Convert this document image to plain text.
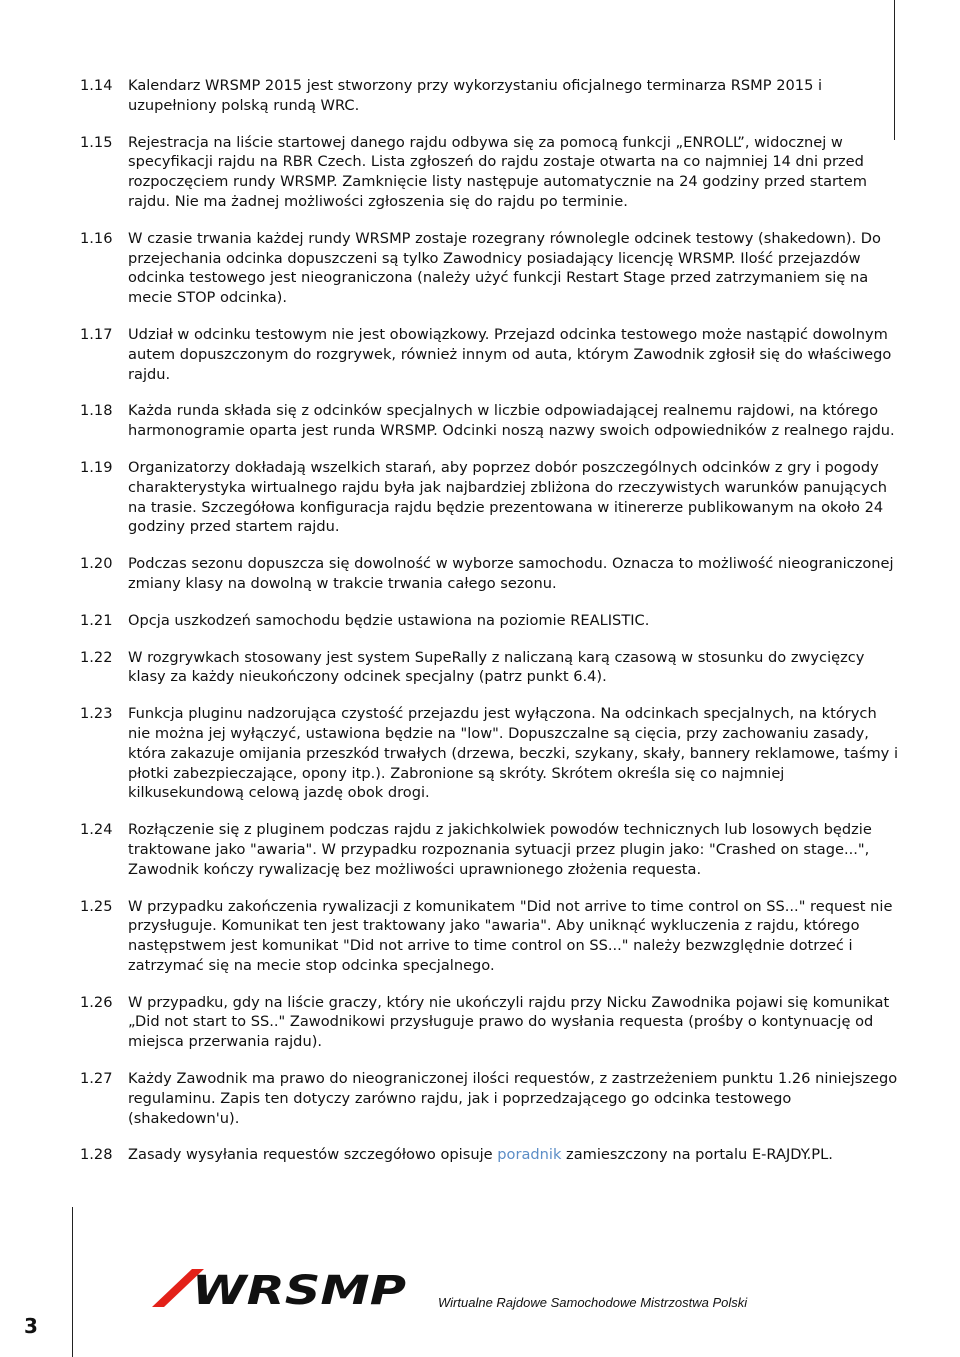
1.14	Kalendarz WRSMP 2015 jest stworzony przy wykorzystaniu oficjalnego terminarza RSMP 2015 i uzupełniony polską rundą WRC.
1.15	Rejestracja na liście startowej danego rajdu odbywa się za pomocą funkcji „ENROLL”, widocznej w specyfikacji rajdu na RBR Czech. Lista zgłoszeń do rajdu zostaje otwarta na co najmniej 14 dni przed rozpoczęciem rundy WRSMP. Zamknięcie listy następuje automatycznie na 24 godziny przed startem rajdu. Nie ma żadnej możliwości zgłoszenia się do rajdu po terminie.
1.16	W czasie trwania każdej rundy WRSMP zostaje rozegrany równolegle odcinek testowy (shakedown). Do przejechania odcinka dopuszczeni są tylko Zawodnicy posiadający licencję WRSMP. Ilość przejazdów odcinka testowego jest nieograniczona (należy użyć funkcji Restart Stage przed zatrzymaniem się na mecie STOP odcinka).
1.17	Udział w odcinku testowym nie jest obowiązkowy. Przejazd odcinka testowego może nastąpić dowolnym autem dopuszczonym do rozgrywek, również innym od auta, którym Zawodnik zgłosił się do właściwego rajdu.
1.18	Każda runda składa się z odcinków specjalnych w liczbie odpowiadającej realnemu rajdowi, na którego harmonogramie oparta jest runda WRSMP. Odcinki noszą nazwy swoich odpowiedników z realnego rajdu.
1.19	Organizatorzy dokładają wszelkich starań, aby poprzez dobór poszczególnych odcinków z gry i pogody charakterystyka wirtualnego rajdu była jak najbardziej zbliżona do rzeczywistych warunków panujących na trasie. Szczegółowa konfiguracja rajdu będzie prezentowana w itinererze publikowanym na około 24 godziny przed startem rajdu.
1.20	Podczas sezonu dopuszcza się dowolność w wyborze samochodu. Oznacza to możliwość nieograniczonej zmiany klasy na dowolną w trakcie trwania całego sezonu.
1.21	Opcja uszkodzeń samochodu będzie ustawiona na poziomie REALISTIC.
1.22	W rozgrywkach stosowany jest system SupeRally z naliczaną karą czasową w stosunku do zwycięzcy klasy za każdy nieukończony odcinek specjalny (patrz punkt 6.4).
1.23	Funkcja pluginu nadzorująca czystość przejazdu jest wyłączona. Na odcinkach specjalnych, na których nie można jej wyłączyć, ustawiona będzie na "low". Dopuszczalne są cięcia, przy zachowaniu zasady, która zakazuje omijania przeszkód trwałych (drzewa, beczki, szykany, skały, bannery reklamowe, taśmy i płotki zabezpieczające, opony itp.). Zabronione są skróty. Skrótem określa się co najmniej kilkusekundową celową jazdę obok drogi.
1.24	Rozłączenie się z pluginem podczas rajdu z jakichkolwiek powodów technicznych lub losowych będzie traktowane jako "awaria". W przypadku rozpoznania sytuacji przez plugin jako: "Crashed on stage...", Zawodnik kończy rywalizację bez możliwości uprawnionego złożenia requesta.
1.25	W przypadku zakończenia rywalizacji z komunikatem "Did not arrive to time control on SS..." request nie przysługuje. Komunikat ten jest traktowany jako "awaria". Aby uniknąć wykluczenia z rajdu, którego następstwem jest komunikat "Did not arrive to time control on SS..." należy bezwzględnie dotrzeć i zatrzymać się na mecie stop odcinka specjalnego.
1.26	W przypadku, gdy na liście graczy, który nie ukończyli rajdu przy Nicku Zawodnika pojawi się komunikat „Did not start to SS.." Zawodnikowi przysługuje prawo do wysłania requesta (prośby o kontynuację od miejsca przerwania rajdu).
1.27	Każdy Zawodnik ma prawo do nieograniczonej ilości requestów, z zastrzeżeniem punktu 1.26 niniejszego regulaminu. Zapis ten dotyczy zarówno rajdu, jak i poprzedzającego go odcinka testowego (shakedown'u).
1.28	Zasady wysyłania requestów szczegółowo opisuje poradnik zamieszczony na portalu E-RAJDY.PL.
WRSMP Wirtualne Rajdowe Samochodowe Mistrzostwa Polski
3
